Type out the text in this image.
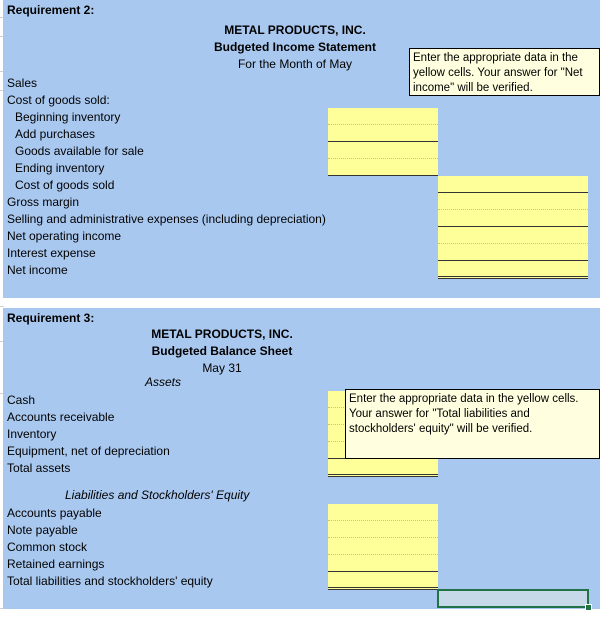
Requirement 2:
METAL PRODUCTS, INC.
Budgeted Income Statement
For the Month of May
Sales
Cost of goods sold:
Beginning inventory
Add purchases
Goods available for sale
Ending inventory
Cost of goods sold
Gross margin
Selling and administrative expenses (including depreciation)
Net operating income
Interest expense
Net income
Enter the appropriate data in the yellow cells. Your answer for "Net income" will be verified.
Requirement 3:
METAL PRODUCTS, INC.
Budgeted Balance Sheet
May 31
Assets
Cash
Accounts receivable
Inventory
Equipment, net of depreciation
Total assets
Liabilities and Stockholders' Equity
Accounts payable
Note payable
Common stock
Retained earnings
Total liabilities and stockholders' equity
Enter the appropriate data in the yellow cells. Your answer for "Total liabilities and stockholders' equity" will be verified.
